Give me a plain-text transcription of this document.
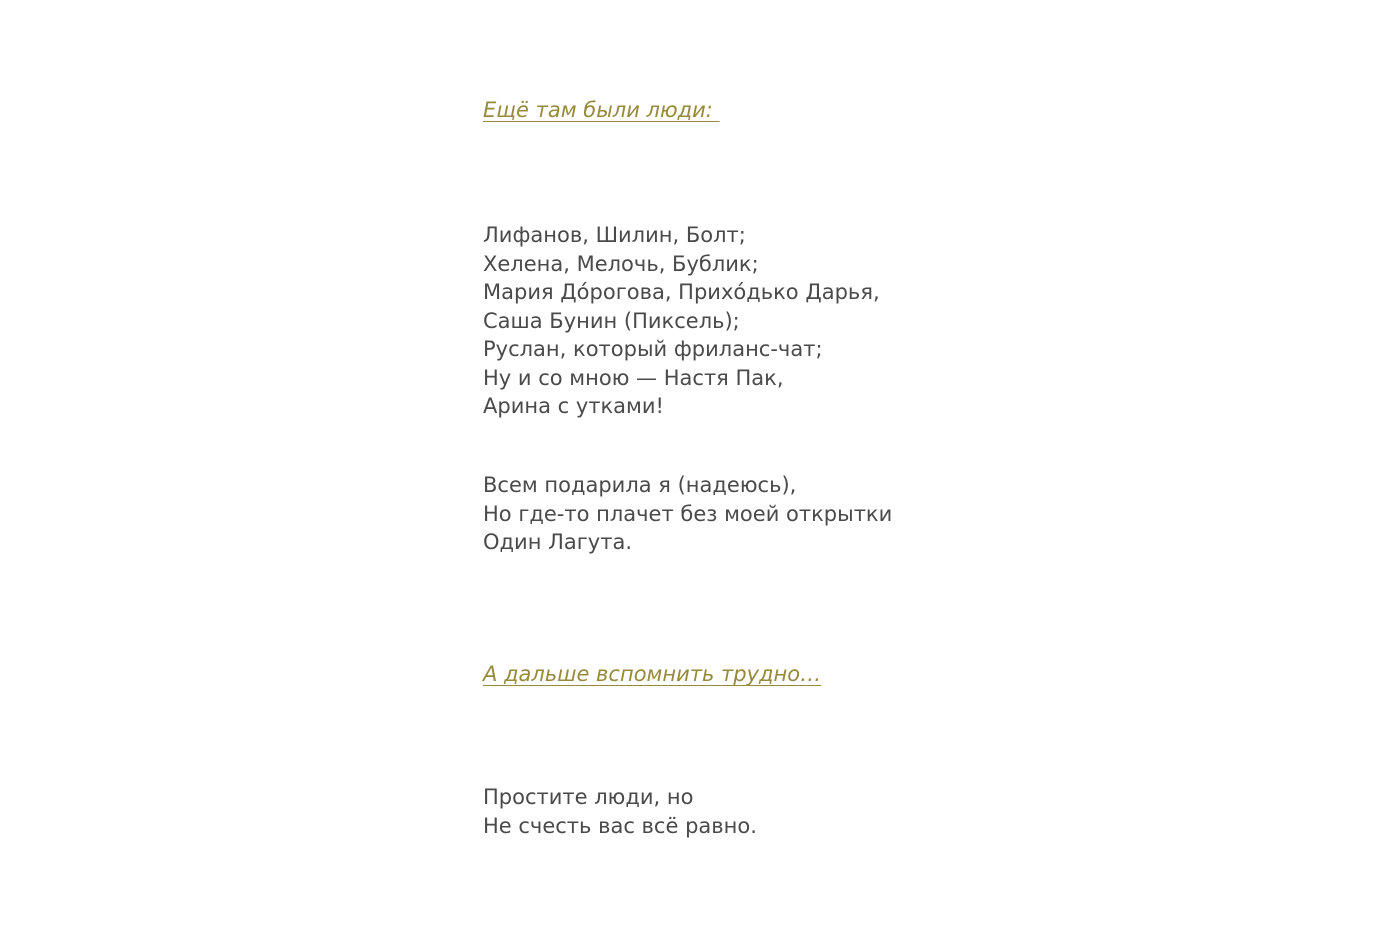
Ещё там были люди:

Лифанов, Шилин, Болт;
Хелена, Мелочь, Бублик;
Мария До́рогова, Прихо́дько Дарья,
Саша Бунин (Пиксель);
Руслан, который фриланс-чат;
Ну и со мною — Настя Пак,
Арина с утками!
Всем подарила я (надеюсь),
Но где-то плачет без моей открытки
Один Лагута.

А дальше вспомнить трудно…

Простите люди, но
Не счесть вас всё равно.
